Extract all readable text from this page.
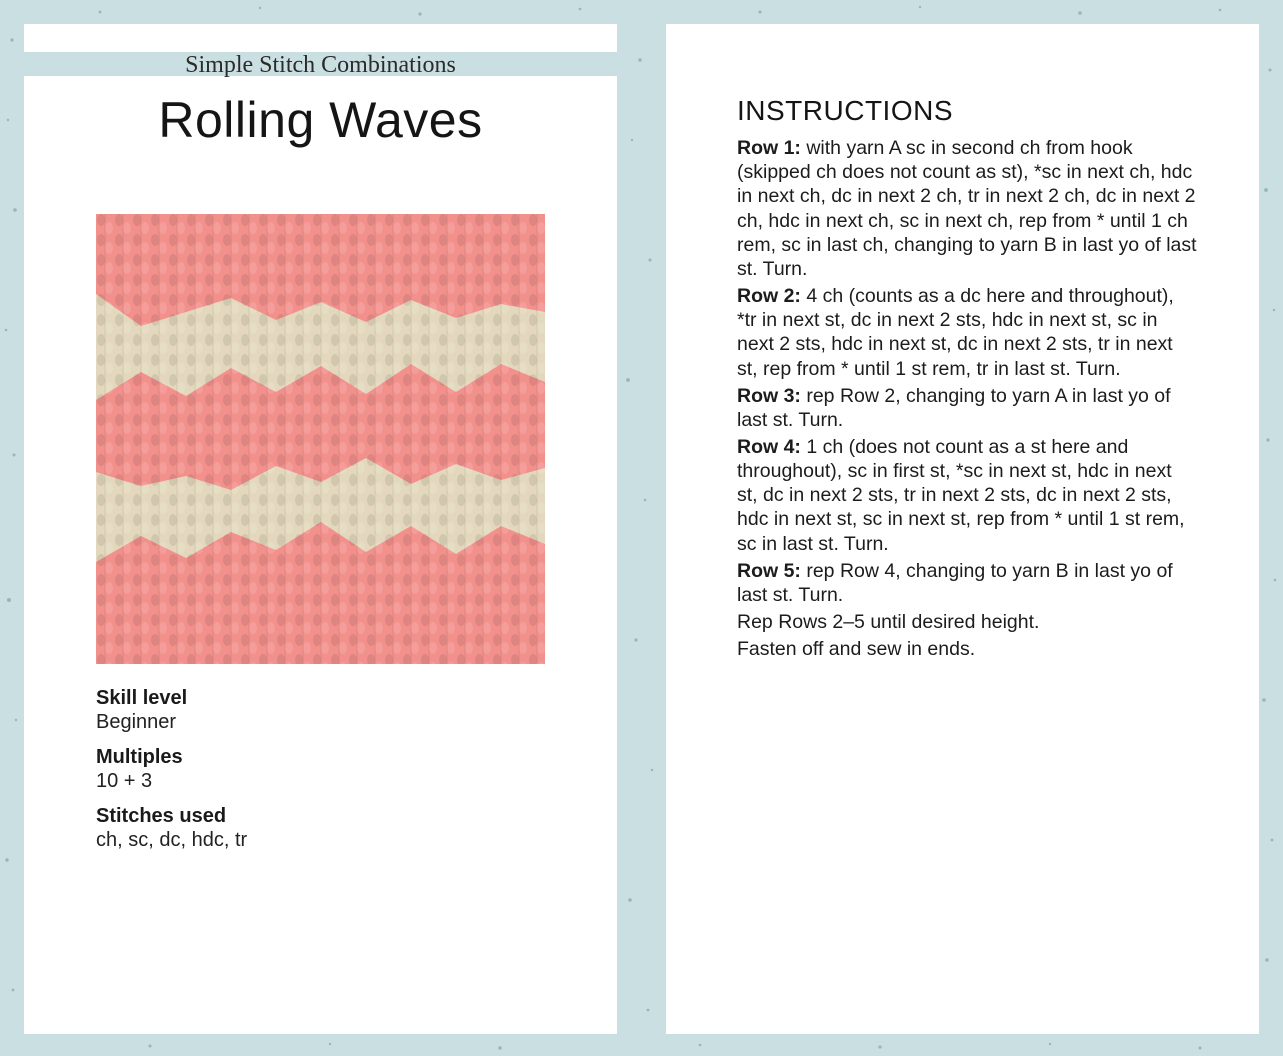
Simple Stitch Combinations
Rolling Waves
Skill level
Beginner
Multiples
10 + 3
Stitches used
ch, sc, dc, hdc, tr
INSTRUCTIONS
Row 1: with yarn A sc in second ch from hook (skipped ch does not count as st), *sc in next ch, hdc in next ch, dc in next 2 ch, tr in next 2 ch, dc in next 2 ch, hdc in next ch, sc in next ch, rep from * until 1 ch rem, sc in last ch, changing to yarn B in last yo of last st. Turn.
Row 2: 4 ch (counts as a dc here and throughout), *tr in next st, dc in next 2 sts, hdc in next st, sc in next 2 sts, hdc in next st, dc in next 2 sts, tr in next st, rep from * until 1 st rem, tr in last st. Turn.
Row 3: rep Row 2, changing to yarn A in last yo of last st. Turn.
Row 4: 1 ch (does not count as a st here and throughout), sc in first st, *sc in next st, hdc in next st, dc in next 2 sts, tr in next 2 sts, dc in next 2 sts, hdc in next st, sc in next st, rep from * until 1 st rem, sc in last st. Turn.
Row 5: rep Row 4, changing to yarn B in last yo of last st. Turn.
Rep Rows 2–5 until desired height.
Fasten off and sew in ends.
